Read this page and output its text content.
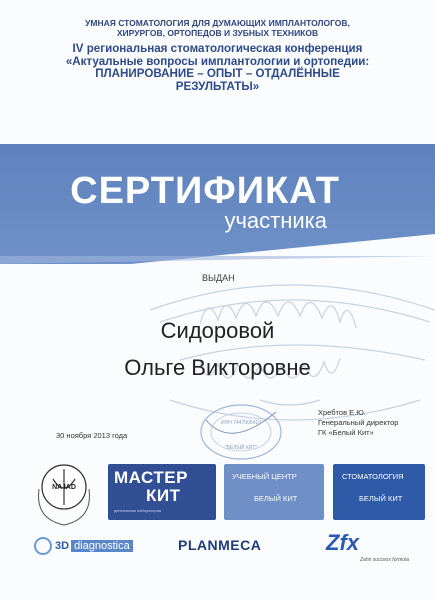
УМНАЯ СТОМАТОЛОГИЯ ДЛЯ ДУМАЮЩИХ ИМПЛАНТОЛОГОВ,
ХИРУРГОВ, ОРТОПЕДОВ И ЗУБНЫХ ТЕХНИКОВ
IV региональная стоматологическая конференция
«Актуальные вопросы имплантологии и ортопедии:
ПЛАНИРОВАНИЕ – ОПЫТ – ОТДАЛЁННЫЕ
РЕЗУЛЬТАТЫ»
СЕРТИФИКАТ
участника
ВЫДАН
Сидоровой
Ольге Викторовне
30 ноября 2013 года
Хребтов Е.Ю.
Генеральный директор
ГК «Белый Кит»
ИНН 7447005410
"БЕЛЫЙ КИТ"
NA IAD
МАСТЕР
КИТ
дентальная лаборатория
УЧЕБНЫЙ ЦЕНТР
БЕЛЫЙ КИТ
СТОМАТОЛОГИЯ
БЕЛЫЙ КИТ
3D diagnostica	PLANMECA	Zfx
Zahn success formula
